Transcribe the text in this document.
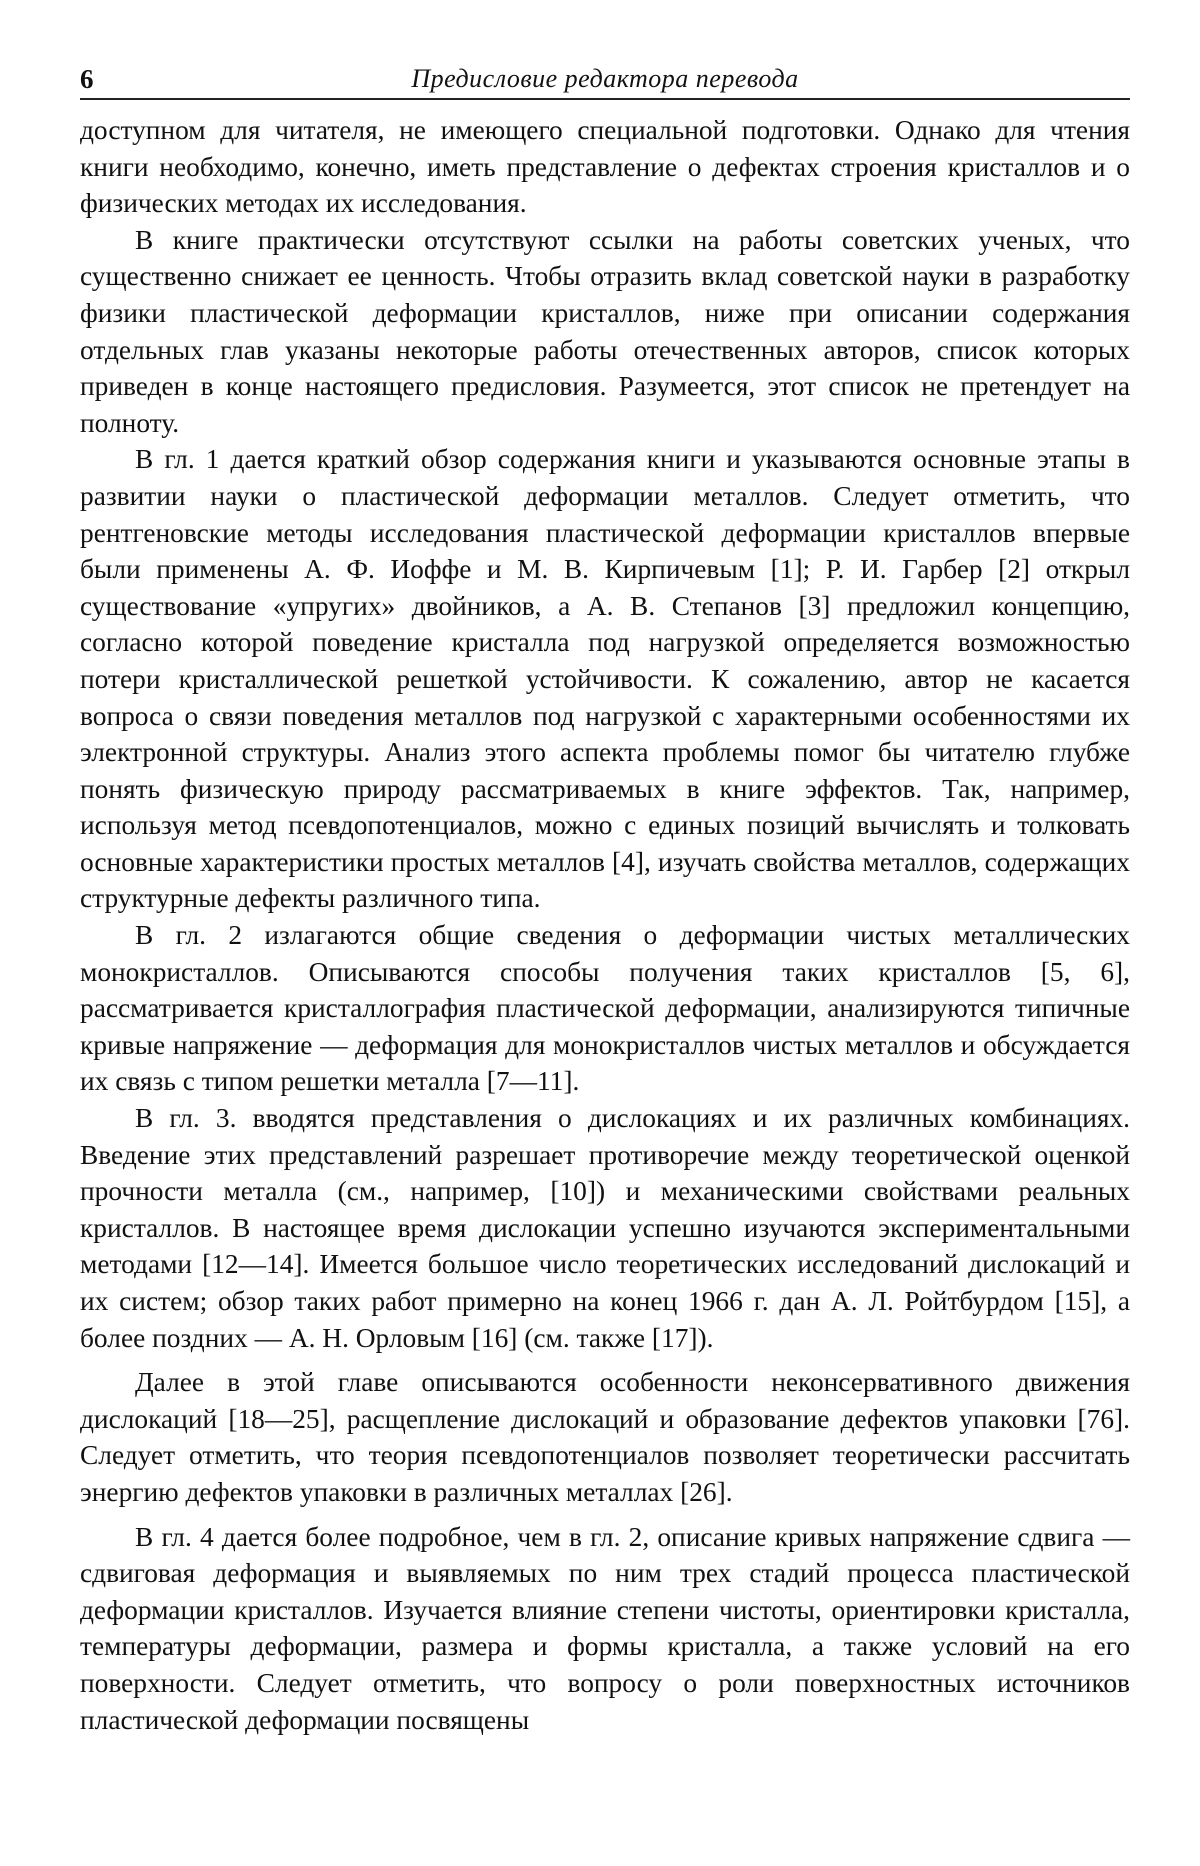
6	Предисловие редактора перевода

доступном для читателя, не имеющего специальной подготовки. Однако для чтения книги необходимо, конечно, иметь представление о дефектах строения кристаллов и о физических методах их исследования.

В книге практически отсутствуют ссылки на работы советских ученых, что существенно снижает ее ценность. Чтобы отразить вклад советской науки в разработку физики пластической деформации кристаллов, ниже при описании содержания отдельных глав указаны некоторые работы отечественных авторов, список которых приведен в конце настоящего предисловия. Разумеется, этот список не претендует на полноту.

В гл. 1 дается краткий обзор содержания книги и указываются основные этапы в развитии науки о пластической деформации металлов. Следует отметить, что рентгеновские методы исследования пластической деформации кристаллов впервые были применены А. Ф. Иоффе и М. В. Кирпичевым [1]; Р. И. Гарбер [2] открыл существование «упругих» двойников, а А. В. Степанов [3] предложил концепцию, согласно которой поведение кристалла под нагрузкой определяется возможностью потери кристаллической решеткой устойчивости. К сожалению, автор не касается вопроса о связи поведения металлов под нагрузкой с характерными особенностями их электронной структуры. Анализ этого аспекта проблемы помог бы читателю глубже понять физическую природу рассматриваемых в книге эффектов. Так, например, используя метод псевдопотенциалов, можно с единых позиций вычислять и толковать основные характеристики простых металлов [4], изучать свойства металлов, содержащих структурные дефекты различного типа.

В гл. 2 излагаются общие сведения о деформации чистых металлических монокристаллов. Описываются способы получения таких кристаллов [5, 6], рассматривается кристаллография пластической деформации, анализируются типичные кривые напряжение — деформация для монокристаллов чистых металлов и обсуждается их связь с типом решетки металла [7—11].

В гл. 3. вводятся представления о дислокациях и их различных комбинациях. Введение этих представлений разрешает противоречие между теоретической оценкой прочности металла (см., например, [10]) и механическими свойствами реальных кристаллов. В настоящее время дислокации успешно изучаются экспериментальными методами [12—14]. Имеется большое число теоретических исследований дислокаций и их систем; обзор таких работ примерно на конец 1966 г. дан А. Л. Ройтбурдом [15], а более поздних — А. Н. Орловым [16] (см. также [17]).

Далее в этой главе описываются особенности неконсервативного движения дислокаций [18—25], расщепление дислокаций и образование дефектов упаковки [76]. Следует отметить, что теория псевдопотенциалов позволяет теоретически рассчитать энергию дефектов упаковки в различных металлах [26].

В гл. 4 дается более подробное, чем в гл. 2, описание кривых напряжение сдвига — сдвиговая деформация и выявляемых по ним трех стадий процесса пластической деформации кристаллов. Изучается влияние степени чистоты, ориентировки кристалла, температуры деформации, размера и формы кристалла, а также условий на его поверхности. Следует отметить, что вопросу о роли поверхностных источников пластической деформации посвящены
